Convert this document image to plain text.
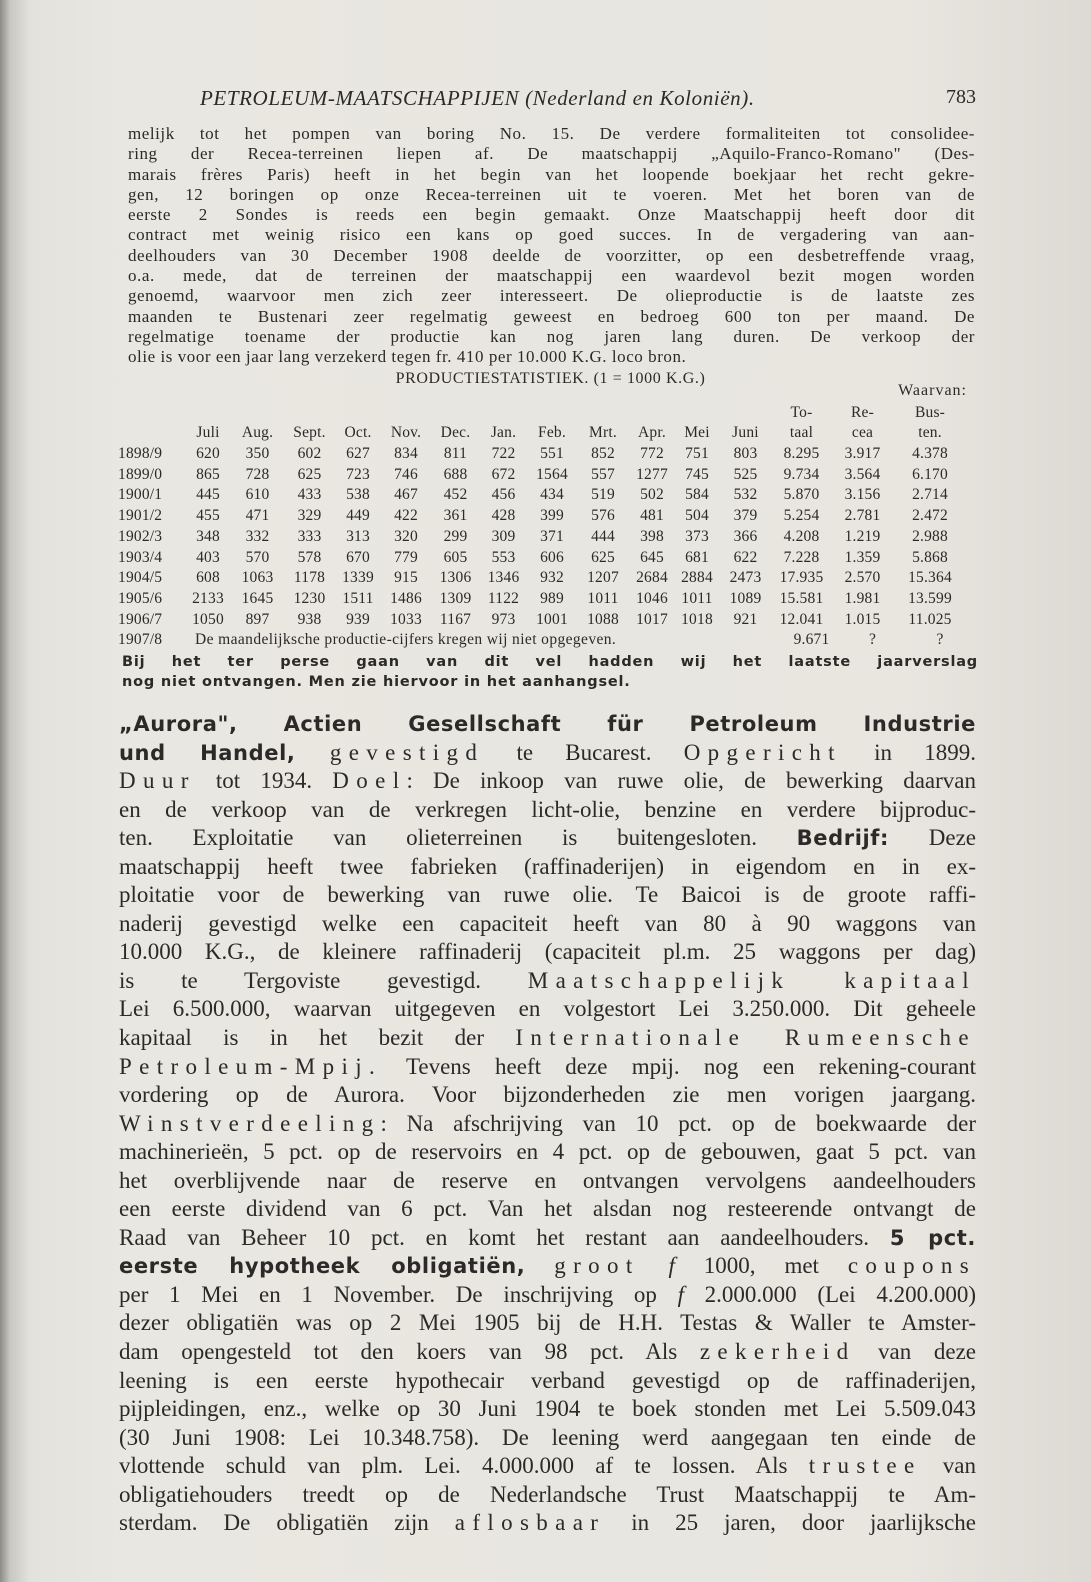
PETROLEUM-MAATSCHAPPIJEN (Nederland en Koloniën).	783
melijk tot het pompen van boring No. 15. De verdere formaliteiten tot consolidee-
ring der Recea-terreinen liepen af. De maatschappij „Aquilo-Franco-Romano" (Des-
marais frères Paris) heeft in het begin van het loopende boekjaar het recht gekre-
gen, 12 boringen op onze Recea-terreinen uit te voeren. Met het boren van de
eerste 2 Sondes is reeds een begin gemaakt. Onze Maatschappij heeft door dit
contract met weinig risico een kans op goed succes. In de vergadering van aan-
deelhouders van 30 December 1908 deelde de voorzitter, op een desbetreffende vraag,
o.a. mede, dat de terreinen der maatschappij een waardevol bezit mogen worden
genoemd, waarvoor men zich zeer interesseert. De olieproductie is de laatste zes
maanden te Bustenari zeer regelmatig geweest en bedroeg 600 ton per maand. De
regelmatige toename der productie kan nog jaren lang duren. De verkoop der
olie is voor een jaar lang verzekerd tegen fr. 410 per 10.000 K.G. loco bron.
PRODUCTIESTATISTIEK. (1 = 1000 K.G.)
Waarvan:
To-	Re-	Bus-
Juli	Aug.	Sept.	Oct.	Nov.	Dec.	Jan.	Feb.	Mrt.	Apr.	Mei	Juni	taal	cea	ten.
1898/9	620	350	602	627	834	811	722	551	852	772	751	803	8.295	3.917	4.378
1899/0	865	728	625	723	746	688	672	1564	557	1277	745	525	9.734	3.564	6.170
1900/1	445	610	433	538	467	452	456	434	519	502	584	532	5.870	3.156	2.714
1901/2	455	471	329	449	422	361	428	399	576	481	504	379	5.254	2.781	2.472
1902/3	348	332	333	313	320	299	309	371	444	398	373	366	4.208	1.219	2.988
1903/4	403	570	578	670	779	605	553	606	625	645	681	622	7.228	1.359	5.868
1904/5	608	1063	1178	1339	915	1306	1346	932	1207	2684 2884	2473	17.935	2.570	15.364
1905/6	2133	1645	1230	1511	1486	1309	1122	989	1011	1046 1011	1089	15.581	1.981	13.599
1906/7	1050	897	938	939	1033	1167	973	1001	1088	1017 1018	921	12.041	1.015	11.025
1907/8	De maandelijksche productie-cijfers kregen wij niet opgegeven.	9.671	?	?
Bij het ter perse gaan van dit vel hadden wij het laatste jaarverslag
nog niet ontvangen. Men zie hiervoor in het aanhangsel.
„Aurora", Actien Gesellschaft für Petroleum Industrie
und Handel, gevestigd te Bucarest. Opgericht in 1899.
Duur tot 1934. Doel: De inkoop van ruwe olie, de bewerking daarvan
en de verkoop van de verkregen licht-olie, benzine en verdere bijproduc-
ten. Exploitatie van olieterreinen is buitengesloten. Bedrijf: Deze
maatschappij heeft twee fabrieken (raffinaderijen) in eigendom en in ex-
ploitatie voor de bewerking van ruwe olie. Te Baicoi is de groote raffi-
naderij gevestigd welke een capaciteit heeft van 80 à 90 waggons van
10.000 K.G., de kleinere raffinaderij (capaciteit pl.m. 25 waggons per dag)
is te Tergoviste gevestigd. Maatschappelijk kapitaal
Lei 6.500.000, waarvan uitgegeven en volgestort Lei 3.250.000. Dit geheele
kapitaal is in het bezit der Internationale Rumeensche
Petroleum-Mpij. Tevens heeft deze mpij. nog een rekening-courant
vordering op de Aurora. Voor bijzonderheden zie men vorigen jaargang.
Winstverdeeling: Na afschrijving van 10 pct. op de boekwaarde der
machinerieën, 5 pct. op de reservoirs en 4 pct. op de gebouwen, gaat 5 pct. van
het overblijvende naar de reserve en ontvangen vervolgens aandeelhouders
een eerste dividend van 6 pct. Van het alsdan nog resteerende ontvangt de
Raad van Beheer 10 pct. en komt het restant aan aandeelhouders. 5 pct.
eerste hypotheek obligatiën, groot f 1000, met coupons
per 1 Mei en 1 November. De inschrijving op f 2.000.000 (Lei 4.200.000)
dezer obligatiën was op 2 Mei 1905 bij de H.H. Testas & Waller te Amster-
dam opengesteld tot den koers van 98 pct. Als zekerheid van deze
leening is een eerste hypothecair verband gevestigd op de raffinaderijen,
pijpleidingen, enz., welke op 30 Juni 1904 te boek stonden met Lei 5.509.043
(30 Juni 1908: Lei 10.348.758). De leening werd aangegaan ten einde de
vlottende schuld van plm. Lei. 4.000.000 af te lossen. Als trustee van
obligatiehouders treedt op de Nederlandsche Trust Maatschappij te Am-
sterdam. De obligatiën zijn aflosbaar in 25 jaren, door jaarlijksche
